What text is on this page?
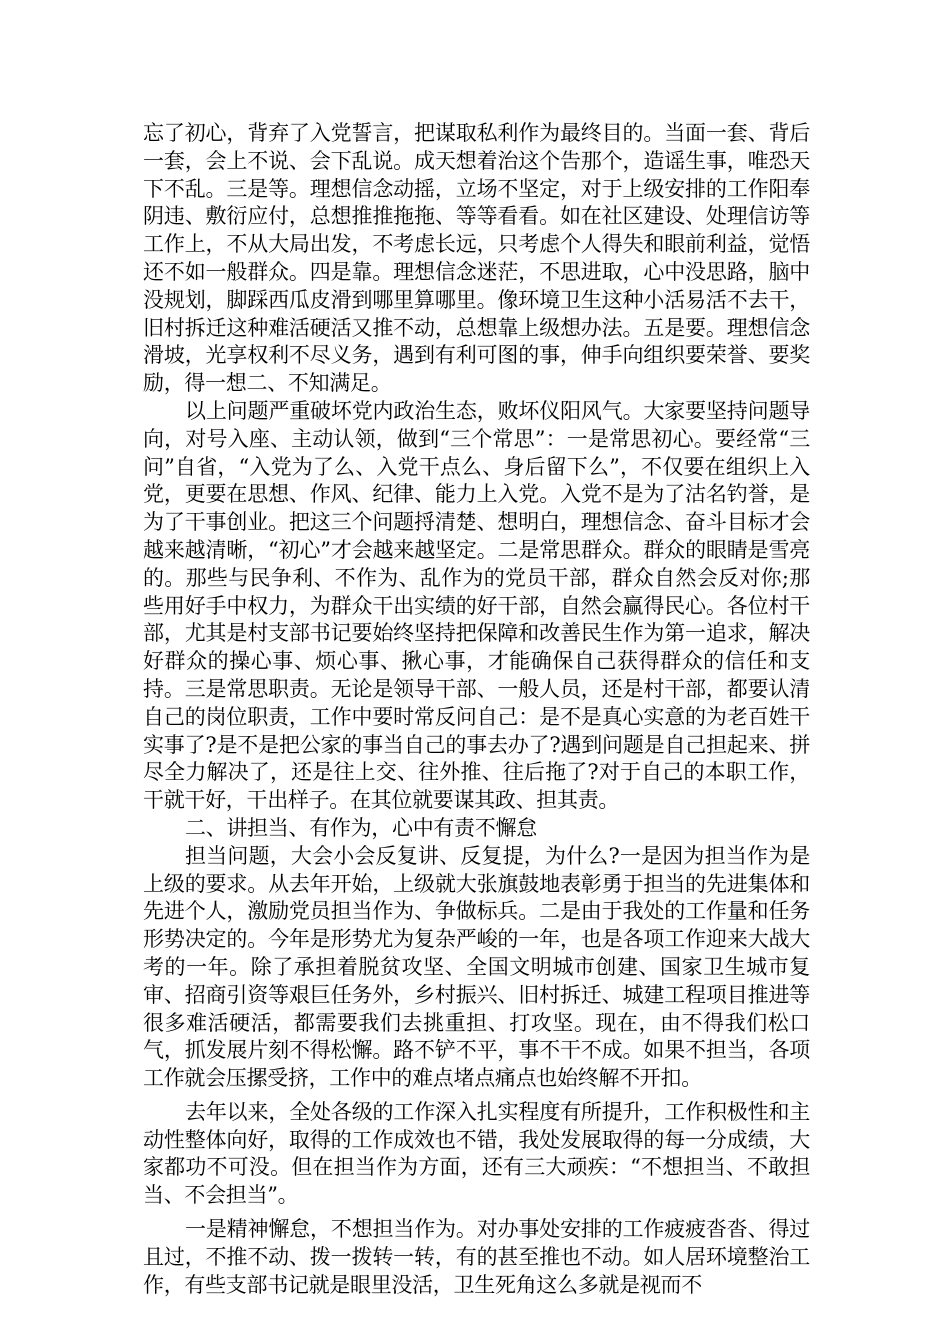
忘了初心，背弃了入党誓言，把谋取私利作为最终目的。当面一套、背后一套，会上不说、会下乱说。成天想着治这个告那个，造谣生事，唯恐天下不乱。三是等。理想信念动摇，立场不坚定，对于上级安排的工作阳奉阴违、敷衍应付，总想推推拖拖、等等看看。如在社区建设、处理信访等工作上，不从大局出发，不考虑长远，只考虑个人得失和眼前利益，觉悟还不如一般群众。四是靠。理想信念迷茫，不思进取，心中没思路，脑中没规划，脚踩西瓜皮滑到哪里算哪里。像环境卫生这种小活易活不去干，旧村拆迁这种难活硬活又推不动，总想靠上级想办法。五是要。理想信念滑坡，光享权利不尽义务，遇到有利可图的事，伸手向组织要荣誉、要奖励，得一想二、不知满足。

以上问题严重破坏党内政治生态，败坏仪阳风气。大家要坚持问题导向，对号入座、主动认领，做到“三个常思”：一是常思初心。要经常“三问”自省，“入党为了么、入党干点么、身后留下么”，不仅要在组织上入党，更要在思想、作风、纪律、能力上入党。入党不是为了沽名钓誉，是为了干事创业。把这三个问题捋清楚、想明白，理想信念、奋斗目标才会越来越清晰，“初心”才会越来越坚定。二是常思群众。群众的眼睛是雪亮的。那些与民争利、不作为、乱作为的党员干部，群众自然会反对你;那些用好手中权力，为群众干出实绩的好干部，自然会赢得民心。各位村干部，尤其是村支部书记要始终坚持把保障和改善民生作为第一追求，解决好群众的操心事、烦心事、揪心事，才能确保自己获得群众的信任和支持。三是常思职责。无论是领导干部、一般人员，还是村干部，都要认清自己的岗位职责，工作中要时常反问自己：是不是真心实意的为老百姓干实事了?是不是把公家的事当自己的事去办了?遇到问题是自己担起来、拼尽全力解决了，还是往上交、往外推、往后拖了?对于自己的本职工作，干就干好，干出样子。在其位就要谋其政、担其责。

二、讲担当、有作为，心中有责不懈怠

担当问题，大会小会反复讲、反复提，为什么?一是因为担当作为是上级的要求。从去年开始，上级就大张旗鼓地表彰勇于担当的先进集体和先进个人，激励党员担当作为、争做标兵。二是由于我处的工作量和任务形势决定的。今年是形势尤为复杂严峻的一年，也是各项工作迎来大战大考的一年。除了承担着脱贫攻坚、全国文明城市创建、国家卫生城市复审、招商引资等艰巨任务外，乡村振兴、旧村拆迁、城建工程项目推进等很多难活硬活，都需要我们去挑重担、打攻坚。现在，由不得我们松口气，抓发展片刻不得松懈。路不铲不平，事不干不成。如果不担当，各项工作就会压摞受挤，工作中的难点堵点痛点也始终解不开扣。

去年以来，全处各级的工作深入扎实程度有所提升，工作积极性和主动性整体向好，取得的工作成效也不错，我处发展取得的每一分成绩，大家都功不可没。但在担当作为方面，还有三大顽疾：“不想担当、不敢担当、不会担当”。

一是精神懈怠，不想担当作为。对办事处安排的工作疲疲沓沓、得过且过，不推不动、拨一拨转一转，有的甚至推也不动。如人居环境整治工作，有些支部书记就是眼里没活，卫生死角这么多就是视而不
